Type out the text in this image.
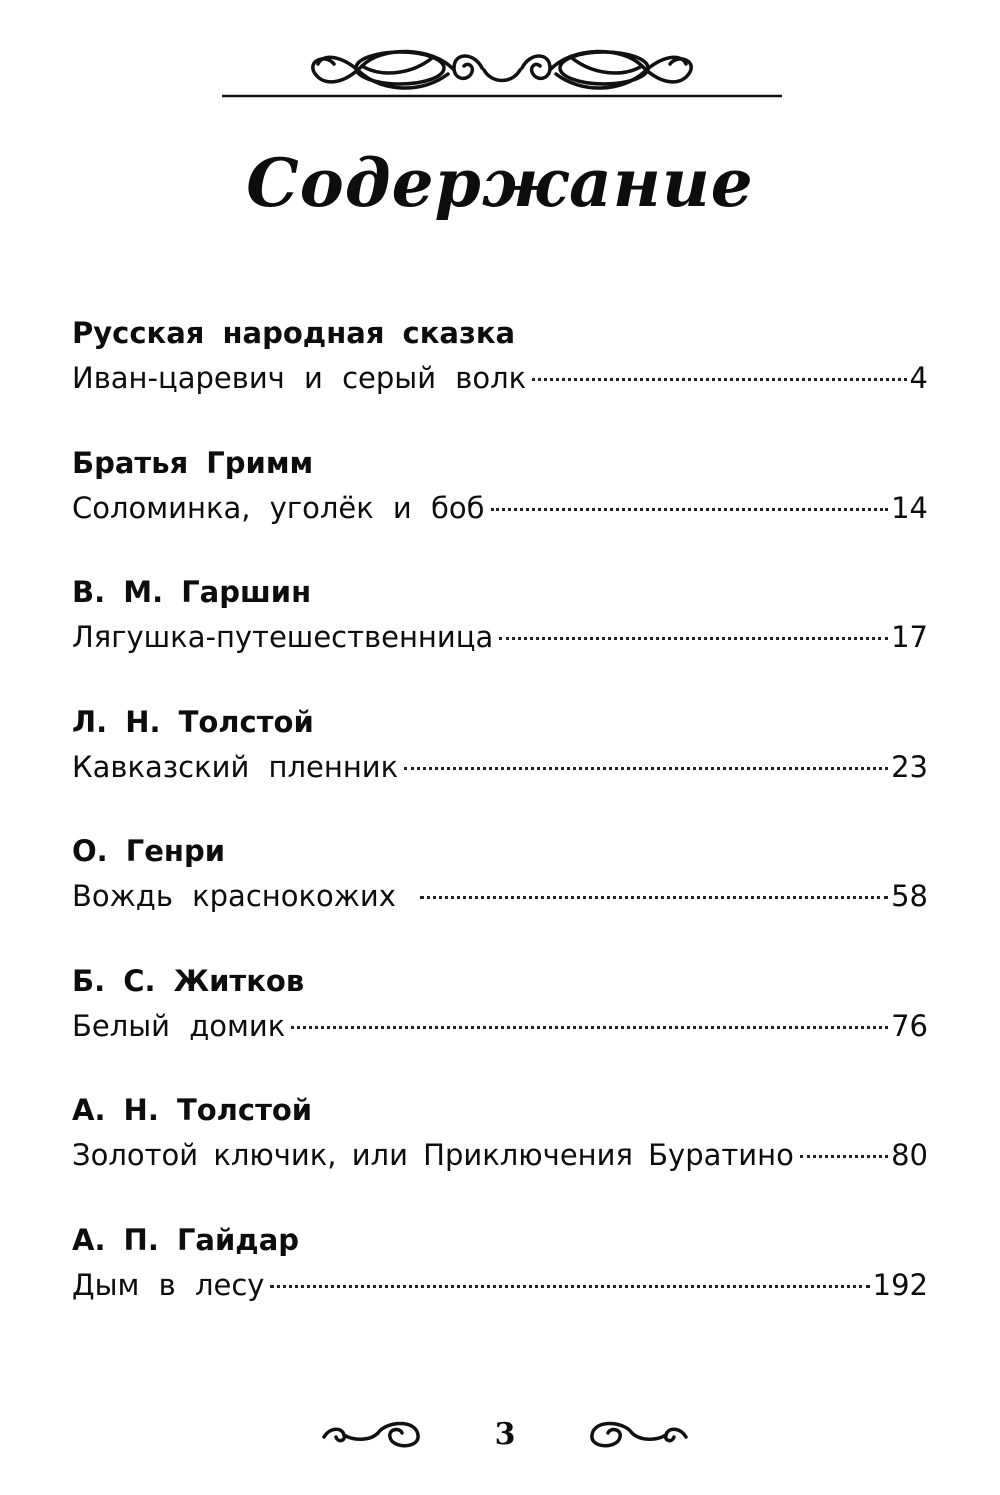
Содержание
Русская народная сказка
Иван-царевич и серый волк	4
Братья Гримм
Соломинка, уголёк и боб	14
В. М. Гаршин
Лягушка-путешественница	17
Л. Н. Толстой
Кавказский пленник	23
О. Генри
Вождь краснокожих	58
Б. С. Житков
Белый домик	76
А. Н. Толстой
Золотой ключик, или Приключения Буратино	80
А. П. Гайдар
Дым в лесу	192
3
